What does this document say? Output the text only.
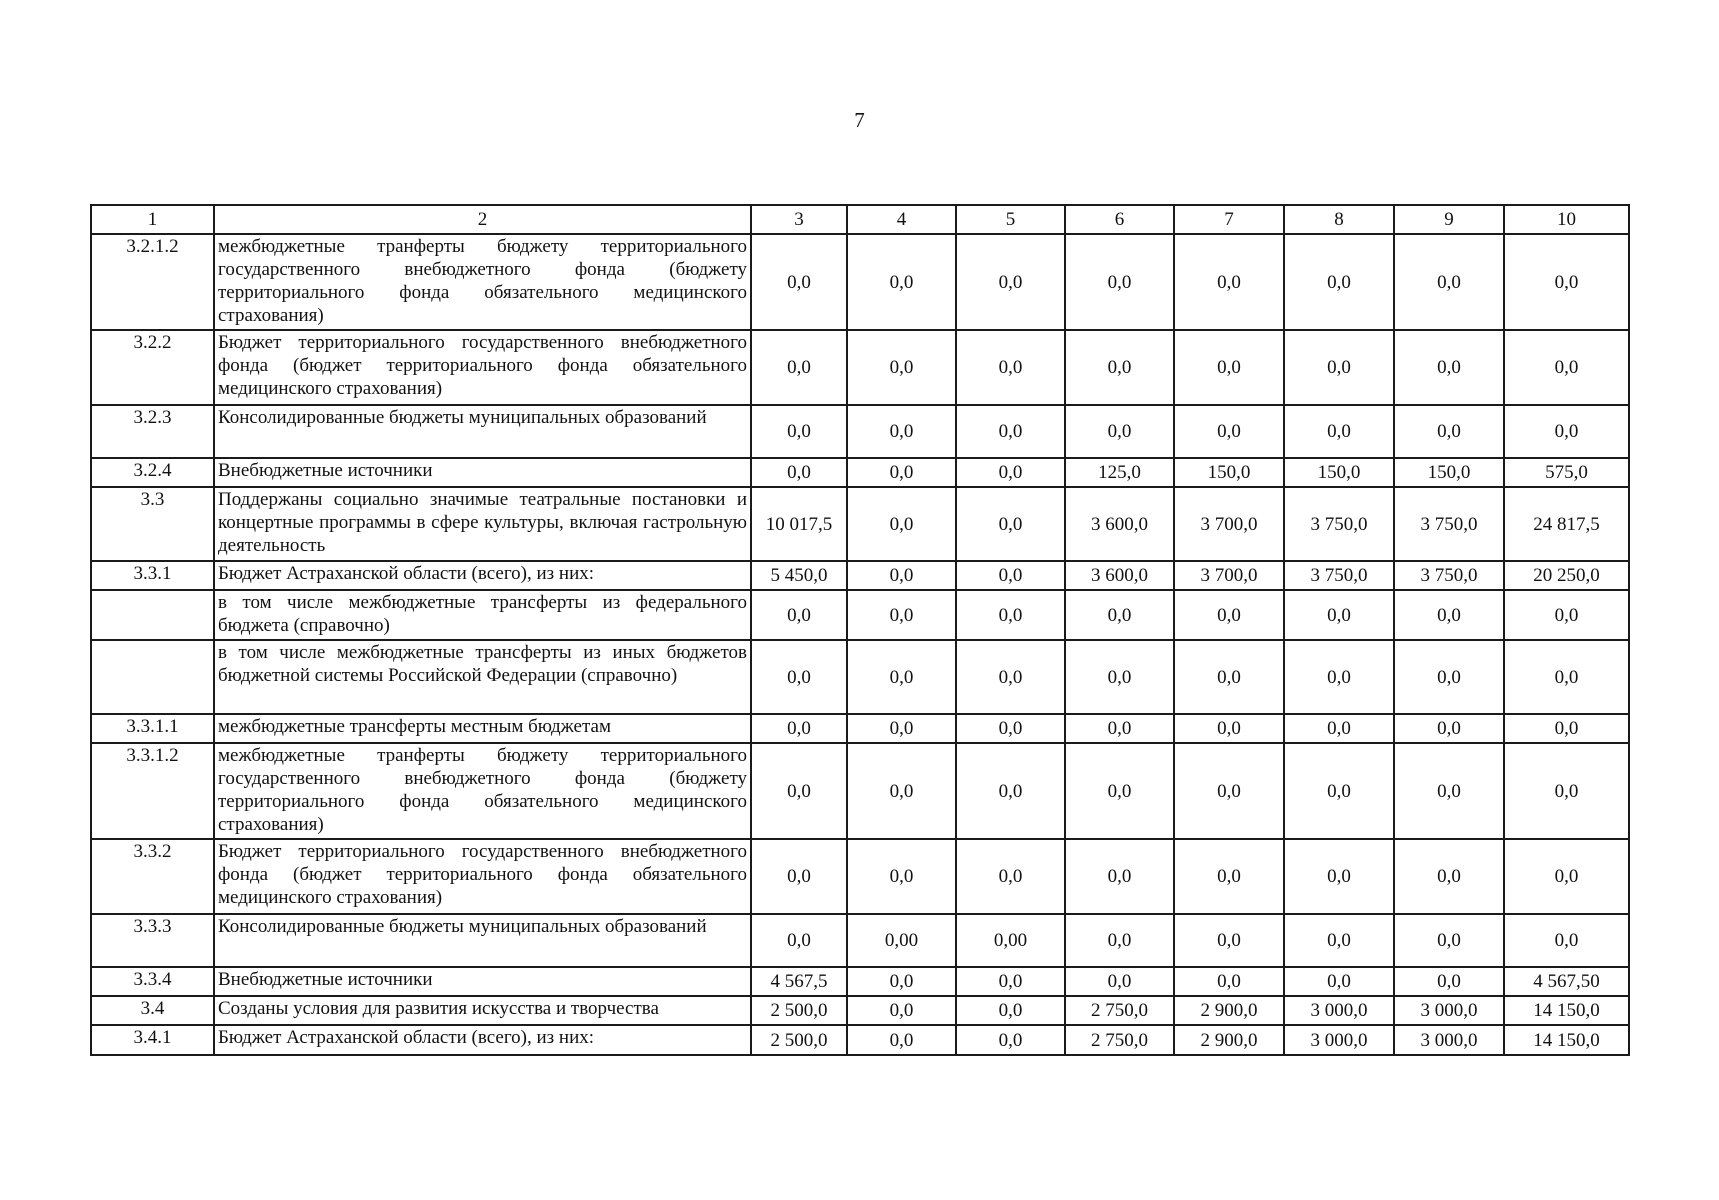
7
1	2	3	4	5	6	7	8	9	10
3.2.1.2	межбюджетные транферты бюджету территориального государственного внебюджетного фонда (бюджету территориального фонда обязательного медицинского страхования)	0,0	0,0	0,0	0,0	0,0	0,0	0,0	0,0
3.2.2	Бюджет территориального государственного внебюджетного фонда (бюджет территориального фонда обязательного медицинского страхования)	0,0	0,0	0,0	0,0	0,0	0,0	0,0	0,0
3.2.3	Консолидированные бюджеты муниципальных образований	0,0	0,0	0,0	0,0	0,0	0,0	0,0	0,0
3.2.4	Внебюджетные источники	0,0	0,0	0,0	125,0	150,0	150,0	150,0	575,0
3.3	Поддержаны социально значимые театральные постановки и концертные программы в сфере культуры, включая гастрольную деятельность	10 017,5	0,0	0,0	3 600,0	3 700,0	3 750,0	3 750,0	24 817,5
3.3.1	Бюджет Астраханской области (всего), из них:	5 450,0	0,0	0,0	3 600,0	3 700,0	3 750,0	3 750,0	20 250,0
	в том числе межбюджетные трансферты из федерального бюджета (справочно)	0,0	0,0	0,0	0,0	0,0	0,0	0,0	0,0
	в том числе межбюджетные трансферты из иных бюджетов бюджетной системы Российской Федерации (справочно)	0,0	0,0	0,0	0,0	0,0	0,0	0,0	0,0
3.3.1.1	межбюджетные трансферты местным бюджетам	0,0	0,0	0,0	0,0	0,0	0,0	0,0	0,0
3.3.1.2	межбюджетные транферты бюджету территориального государственного внебюджетного фонда (бюджету территориального фонда обязательного медицинского страхования)	0,0	0,0	0,0	0,0	0,0	0,0	0,0	0,0
3.3.2	Бюджет территориального государственного внебюджетного фонда (бюджет территориального фонда обязательного медицинского страхования)	0,0	0,0	0,0	0,0	0,0	0,0	0,0	0,0
3.3.3	Консолидированные бюджеты муниципальных образований	0,0	0,00	0,00	0,0	0,0	0,0	0,0	0,0
3.3.4	Внебюджетные источники	4 567,5	0,0	0,0	0,0	0,0	0,0	0,0	4 567,50
3.4	Созданы условия для развития искусства и творчества	2 500,0	0,0	0,0	2 750,0	2 900,0	3 000,0	3 000,0	14 150,0
3.4.1	Бюджет Астраханской области (всего), из них:	2 500,0	0,0	0,0	2 750,0	2 900,0	3 000,0	3 000,0	14 150,0
